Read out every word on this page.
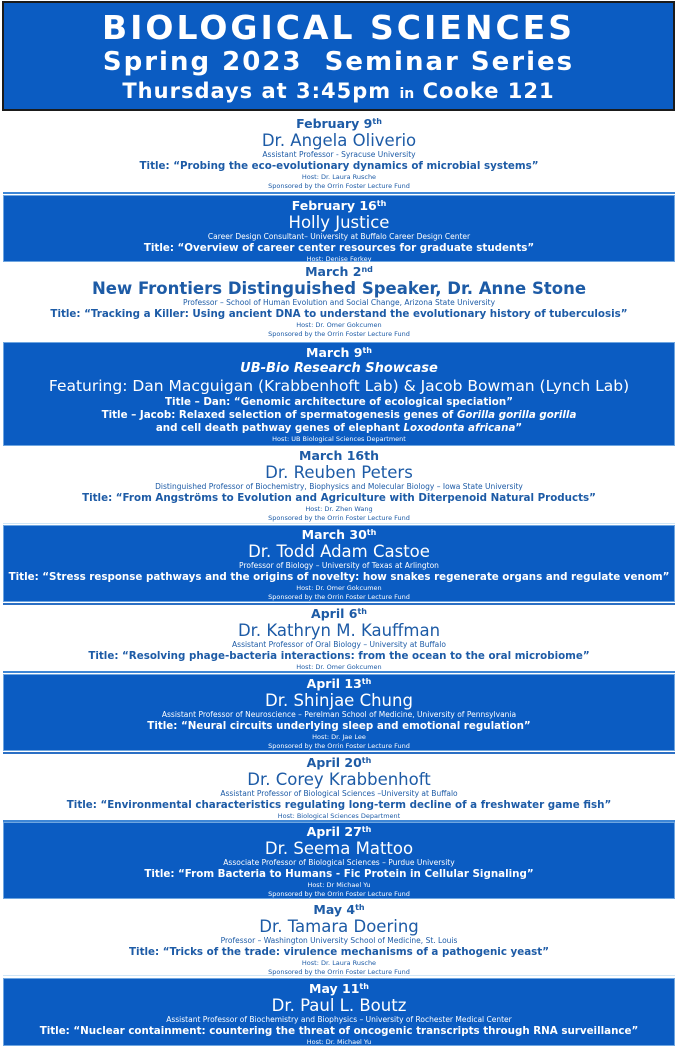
BIOLOGICAL SCIENCES
Spring 2023  Seminar Series
Thursdays at 3:45pm in Cooke 121
February 9th
Dr. Angela Oliverio
Assistant Professor - Syracuse University
Title: “Probing the eco-evolutionary dynamics of microbial systems”
Host: Dr. Laura Rusche
Sponsored by the Orrin Foster Lecture Fund
February 16th
Holly Justice
Career Design Consultant– University at Buffalo Career Design Center
Title: “Overview of career center resources for graduate students”
Host: Denise Ferkey
March 2nd
New Frontiers Distinguished Speaker, Dr. Anne Stone
Professor – School of Human Evolution and Social Change, Arizona State University
Title: “Tracking a Killer: Using ancient DNA to understand the evolutionary history of tuberculosis”
Host: Dr. Omer Gokcumen
Sponsored by the Orrin Foster Lecture Fund
March 9th
UB-Bio Research Showcase
Featuring: Dan Macguigan (Krabbenhoft Lab) & Jacob Bowman (Lynch Lab)
Title – Dan: “Genomic architecture of ecological speciation”
Title – Jacob: Relaxed selection of spermatogenesis genes of Gorilla gorilla gorilla
and cell death pathway genes of elephant Loxodonta africana”
Host: UB Biological Sciences Department
March 16th
Dr. Reuben Peters
Distinguished Professor of Biochemistry, Biophysics and Molecular Biology – Iowa State University
Title: “From Angströms to Evolution and Agriculture with Diterpenoid Natural Products”
Host: Dr. Zhen Wang
Sponsored by the Orrin Foster Lecture Fund
March 30th
Dr. Todd Adam Castoe
Professor of Biology – University of Texas at Arlington
Title: “Stress response pathways and the origins of novelty: how snakes regenerate organs and regulate venom”
Host: Dr. Omer Gokcumen
Sponsored by the Orrin Foster Lecture Fund
April 6th
Dr. Kathryn M. Kauffman
Assistant Professor of Oral Biology – University at Buffalo
Title: “Resolving phage-bacteria interactions: from the ocean to the oral microbiome”
Host: Dr. Omer Gokcumen
April 13th
Dr. Shinjae Chung
Assistant Professor of Neuroscience – Perelman School of Medicine, University of Pennsylvania
Title: “Neural circuits underlying sleep and emotional regulation”
Host: Dr. Jae Lee
Sponsored by the Orrin Foster Lecture Fund
April 20th
Dr. Corey Krabbenhoft
Assistant Professor of Biological Sciences –University at Buffalo
Title: “Environmental characteristics regulating long-term decline of a freshwater game fish”
Host: Biological Sciences Department
April 27th
Dr. Seema Mattoo
Associate Professor of Biological Sciences – Purdue University
Title: “From Bacteria to Humans - Fic Protein in Cellular Signaling”
Host: Dr Michael Yu
Sponsored by the Orrin Foster Lecture Fund
May 4th
Dr. Tamara Doering
Professor – Washington University School of Medicine, St. Louis
Title: “Tricks of the trade: virulence mechanisms of a pathogenic yeast”
Host: Dr. Laura Rusche
Sponsored by the Orrin Foster Lecture Fund
May 11th
Dr. Paul L. Boutz
Assistant Professor of Biochemistry and Biophysics – University of Rochester Medical Center
Title: “Nuclear containment: countering the threat of oncogenic transcripts through RNA surveillance”
Host: Dr. Michael Yu
